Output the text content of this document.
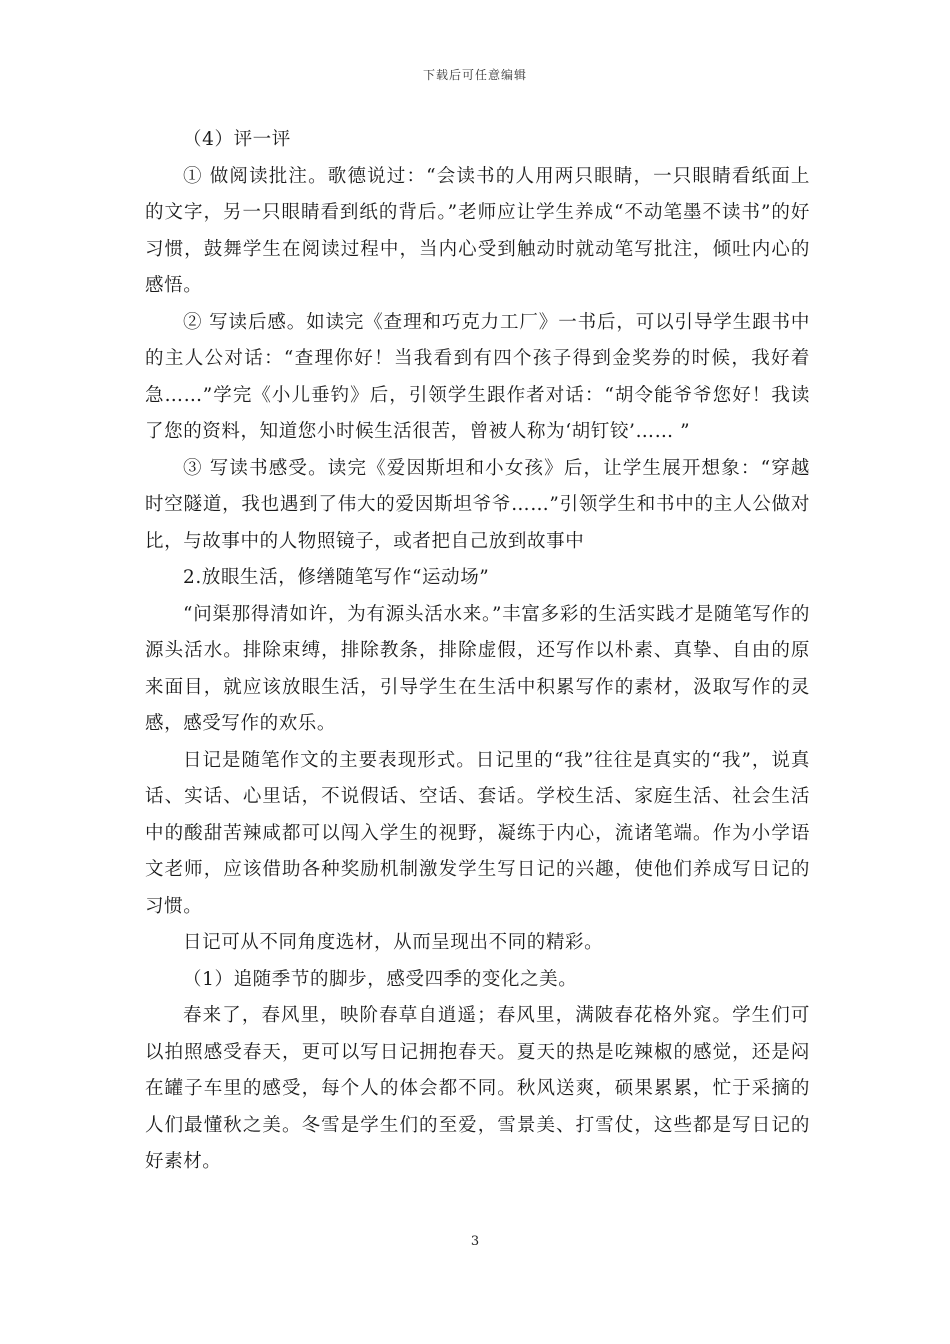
下载后可任意编辑

（4）评一评

① 做阅读批注。歌德说过：“会读书的人用两只眼睛，一只眼睛看纸面上的文字，另一只眼睛看到纸的背后。”老师应让学生养成“不动笔墨不读书”的好习惯，鼓舞学生在阅读过程中，当内心受到触动时就动笔写批注，倾吐内心的感悟。

② 写读后感。如读完《查理和巧克力工厂》一书后，可以引导学生跟书中的主人公对话：“查理你好！当我看到有四个孩子得到金奖券的时候，我好着急……”学完《小儿垂钓》后，引领学生跟作者对话：“胡令能爷爷您好！我读了您的资料，知道您小时候生活很苦，曾被人称为‘胡钉铰’…… ”

③ 写读书感受。读完《爱因斯坦和小女孩》后，让学生展开想象：“穿越时空隧道，我也遇到了伟大的爱因斯坦爷爷……”引领学生和书中的主人公做对比，与故事中的人物照镜子，或者把自己放到故事中

2.放眼生活，修缮随笔写作“运动场”

“问渠那得清如许，为有源头活水来。”丰富多彩的生活实践才是随笔写作的源头活水。排除束缚，排除教条，排除虚假，还写作以朴素、真挚、自由的原来面目，就应该放眼生活，引导学生在生活中积累写作的素材，汲取写作的灵感，感受写作的欢乐。

日记是随笔作文的主要表现形式。日记里的“我”往往是真实的“我”，说真话、实话、心里话，不说假话、空话、套话。学校生活、家庭生活、社会生活中的酸甜苦辣咸都可以闯入学生的视野，凝练于内心，流诸笔端。作为小学语文老师，应该借助各种奖励机制激发学生写日记的兴趣，使他们养成写日记的习惯。

日记可从不同角度选材，从而呈现出不同的精彩。

（1）追随季节的脚步，感受四季的变化之美。

春来了，春风里，映阶春草自逍遥；春风里，满陂春花格外窕。学生们可以拍照感受春天，更可以写日记拥抱春天。夏天的热是吃辣椒的感觉，还是闷在罐子车里的感受，每个人的体会都不同。秋风送爽，硕果累累，忙于采摘的人们最懂秋之美。冬雪是学生们的至爱，雪景美、打雪仗，这些都是写日记的好素材。

3
